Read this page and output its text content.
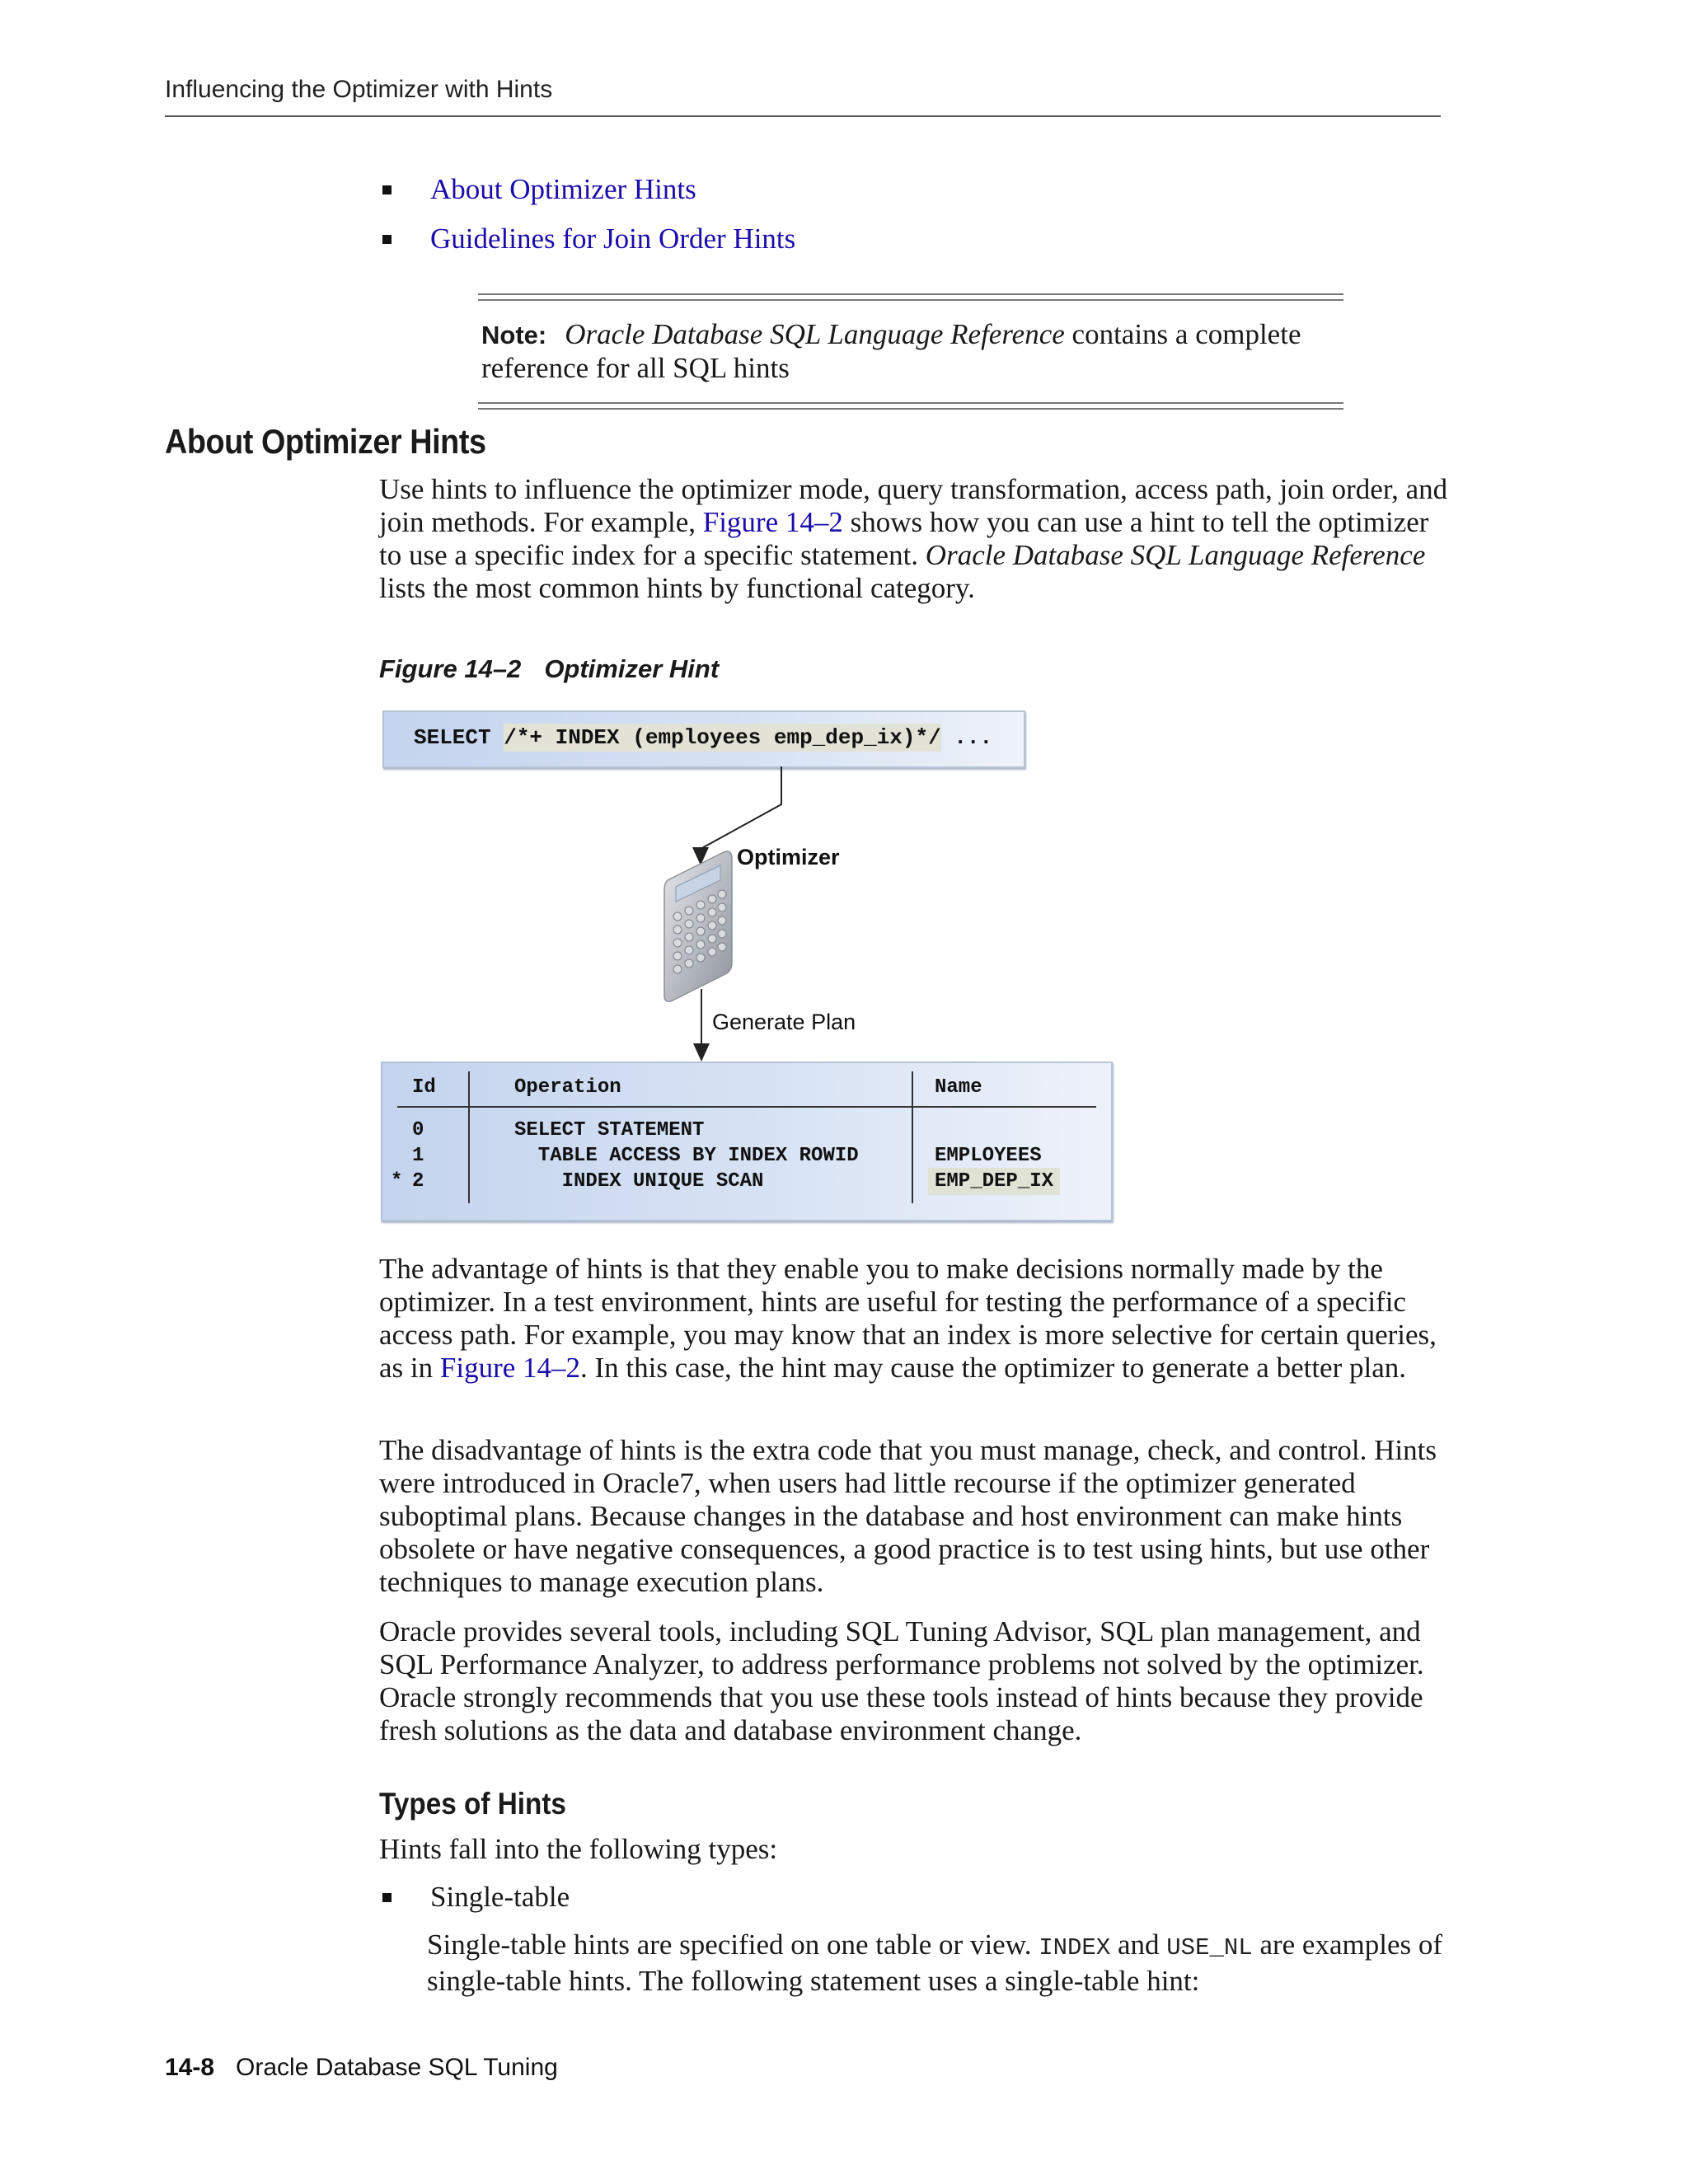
Influencing the Optimizer with Hints
About Optimizer Hints
Guidelines for Join Order Hints
Note: Oracle Database SQL Language Reference contains a complete reference for all SQL hints
About Optimizer Hints

Use hints to influence the optimizer mode, query transformation, access path, join order, and join methods. For example, Figure 14–2 shows how you can use a hint to tell the optimizer to use a specific index for a specific statement. Oracle Database SQL Language Reference lists the most common hints by functional category.

Figure 14–2 Optimizer Hint

SELECT /*+ INDEX (employees emp_dep_ix)*/ ...
Optimizer
Generate Plan
Id	Operation	Name
0	SELECT STATEMENT
1	TABLE ACCESS BY INDEX ROWID	EMPLOYEES
* 2	INDEX UNIQUE SCAN	EMP_DEP_IX

The advantage of hints is that they enable you to make decisions normally made by the optimizer. In a test environment, hints are useful for testing the performance of a specific access path. For example, you may know that an index is more selective for certain queries, as in Figure 14–2. In this case, the hint may cause the optimizer to generate a better plan.

The disadvantage of hints is the extra code that you must manage, check, and control. Hints were introduced in Oracle7, when users had little recourse if the optimizer generated suboptimal plans. Because changes in the database and host environment can make hints obsolete or have negative consequences, a good practice is to test using hints, but use other techniques to manage execution plans.

Oracle provides several tools, including SQL Tuning Advisor, SQL plan management, and SQL Performance Analyzer, to address performance problems not solved by the optimizer. Oracle strongly recommends that you use these tools instead of hints because they provide fresh solutions as the data and database environment change.

Types of Hints

Hints fall into the following types:

Single-table

Single-table hints are specified on one table or view. INDEX and USE_NL are examples of single-table hints. The following statement uses a single-table hint:

14-8 Oracle Database SQL Tuning
